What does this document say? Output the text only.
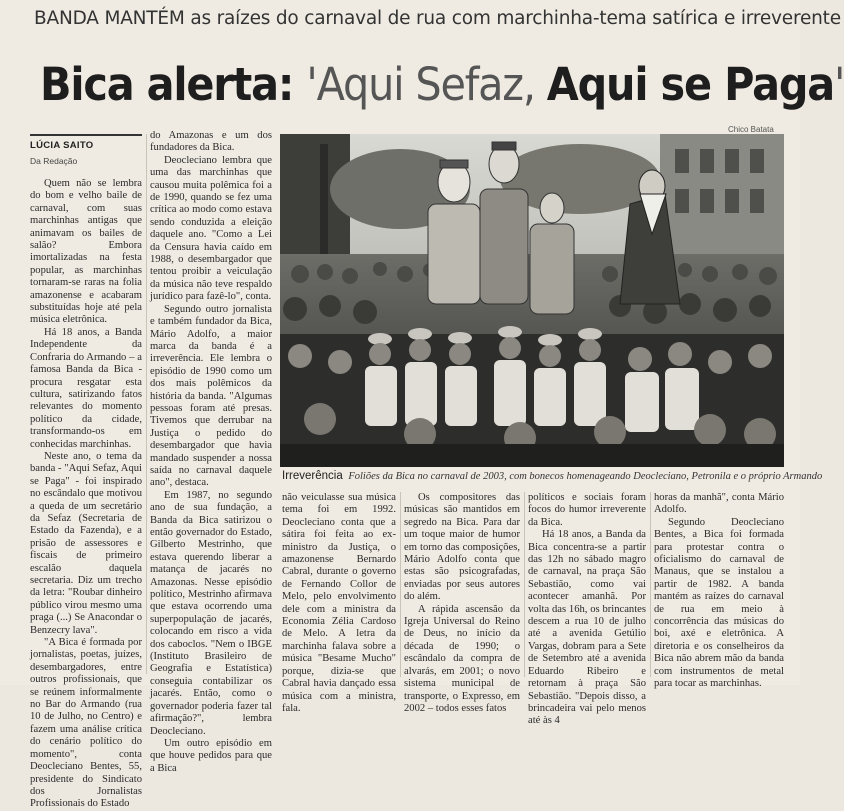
BANDA MANTÉM as raízes do carnaval de rua com marchinha-tema satírica e irreverente
Bica alerta: 'Aqui Sefaz, Aqui se Paga'
LÚCIA SAITO
Da Redação

Quem não se lembra do bom e velho baile de carnaval, com suas marchinhas antigas que animavam os bailes de salão? Embora imortalizadas na festa popular, as marchinhas tornaram-se raras na folia amazonense e acabaram substituídas hoje até pela música eletrônica.

Há 18 anos, a Banda Independente da Confraria do Armando – a famosa Banda da Bica - procura resgatar esta cultura, satirizando fatos relevantes do momento político da cidade, transformando-os em conhecidas marchinhas.

Neste ano, o tema da banda - "Aqui Sefaz, Aqui se Paga" - foi inspirado no escândalo que motivou a queda de um secretário da Sefaz (Secretaria de Estado da Fazenda), e a prisão de assessores e fiscais de primeiro escalão daquela secretaria. Diz um trecho da letra: "Roubar dinheiro público virou mesmo uma praga (...) Se Anacondar o Benzecry lava".

"A Bica é formada por jornalistas, poetas, juízes, desembargadores, entre outros profissionais, que se reúnem informalmente no Bar do Armando (rua 10 de Julho, no Centro) e fazem uma análise crítica do cenário político do momento", conta Deocleciano Bentes, 55, presidente do Sindicato dos Jornalistas Profissionais do Estado

do Amazonas e um dos fundadores da Bica.

Deocleciano lembra que uma das marchinhas que causou muita polêmica foi a de 1990, quando se fez uma crítica ao modo como estava sendo conduzida a eleição daquele ano. "Como a Lei da Censura havia caído em 1988, o desembargador que tentou proibir a veiculação da música não teve respaldo jurídico para fazê-lo", conta.

Segundo outro jornalista e também fundador da Bica, Mário Adolfo, a maior marca da banda é a irreverência. Ele lembra o episódio de 1990 como um dos mais polêmicos da história da banda. "Algumas pessoas foram até presas. Tivemos que derrubar na Justiça o pedido do desembargador que havia mandado suspender a nossa saída no carnaval daquele ano", destaca.

Em 1987, no segundo ano de sua fundação, a Banda da Bica satirizou o então governador do Estado, Gilberto Mestrinho, que estava querendo liberar a matança de jacarés no Amazonas. Nesse episódio político, Mestrinho afirmava que estava ocorrendo uma superpopulação de jacarés, colocando em risco a vida dos caboclos. "Nem o IBGE (Instituto Brasileiro de Geografia e Estatística) conseguia contabilizar os jacarés. Então, como o governador poderia fazer tal afirmação?", lembra Deocleciano.

Um outro episódio em que houve pedidos para que a Bica

Chico Batata
Irreverência Foliões da Bica no carnaval de 2003, com bonecos homenageando Deocleciano, Petronila e o próprio Armando

não veiculasse sua música tema foi em 1992. Deocleciano conta que a sátira foi feita ao ex-ministro da Justiça, o amazonense Bernardo Cabral, durante o governo de Fernando Collor de Melo, pelo envolvimento dele com a ministra da Economia Zélia Cardoso de Melo. A letra da marchinha falava sobre a música "Besame Mucho" porque, dizia-se que Cabral havia dançado essa música com a ministra, fala.

Os compositores das músicas são mantidos em segredo na Bica. Para dar um toque maior de humor em torno das composições, Mário Adolfo conta que estas são psicografadas, enviadas por seus autores do além.

A rápida ascensão da Igreja Universal do Reino de Deus, no início da década de 1990; o escândalo da compra de alvarás, em 2001; o novo sistema municipal de transporte, o Expresso, em 2002 – todos esses fatos

políticos e sociais foram focos do humor irreverente da Bica.

Há 18 anos, a Banda da Bica concentra-se a partir das 12h no sábado magro de carnaval, na praça São Sebastião, como vai acontecer amanhã. Por volta das 16h, os brincantes descem a rua 10 de julho até a avenida Getúlio Vargas, dobram para a Sete de Setembro até a avenida Eduardo Ribeiro e retornam à praça São Sebastião. "Depois disso, a brincadeira vai pelo menos até às 4

horas da manhã", conta Mário Adolfo.

Segundo Deocleciano Bentes, a Bica foi formada para protestar contra o oficialismo do carnaval de Manaus, que se instalou a partir de 1982. A banda mantém as raízes do carnaval de rua em meio à concorrência das músicas do boi, axé e eletrônica. A diretoria e os conselheiros da Bica não abrem mão da banda com instrumentos de metal para tocar as marchinhas.
